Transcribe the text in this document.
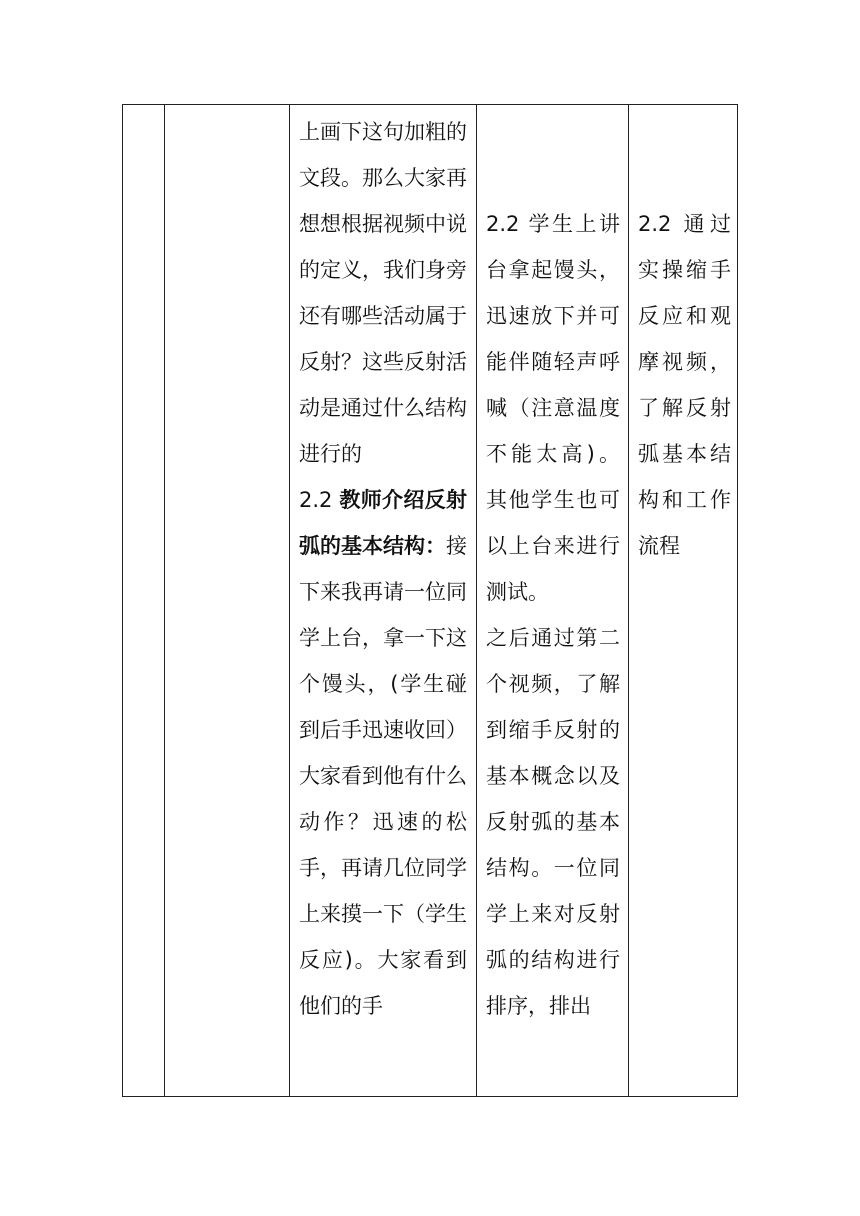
上画下这句加粗的文段。那么大家再想想根据视频中说的定义，我们身旁还有哪些活动属于反射？这些反射活动是通过什么结构进行的
2.2 教师介绍反射弧的基本结构：接下来我再请一位同学上台，拿一下这个馒头，(学生碰到后手迅速收回）大家看到他有什么动作？迅速的松手，再请几位同学上来摸一下（学生反应)。大家看到他们的手
2.2 学生上讲台拿起馒头，迅速放下并可能伴随轻声呼喊（注意温度不能太高)。其他学生也可以上台来进行测试。
之后通过第二个视频，了解到缩手反射的基本概念以及反射弧的基本结构。一位同学上来对反射弧的结构进行排序，排出
2.2 通过实操缩手反应和观摩视频，了解反射弧基本结构和工作流程
